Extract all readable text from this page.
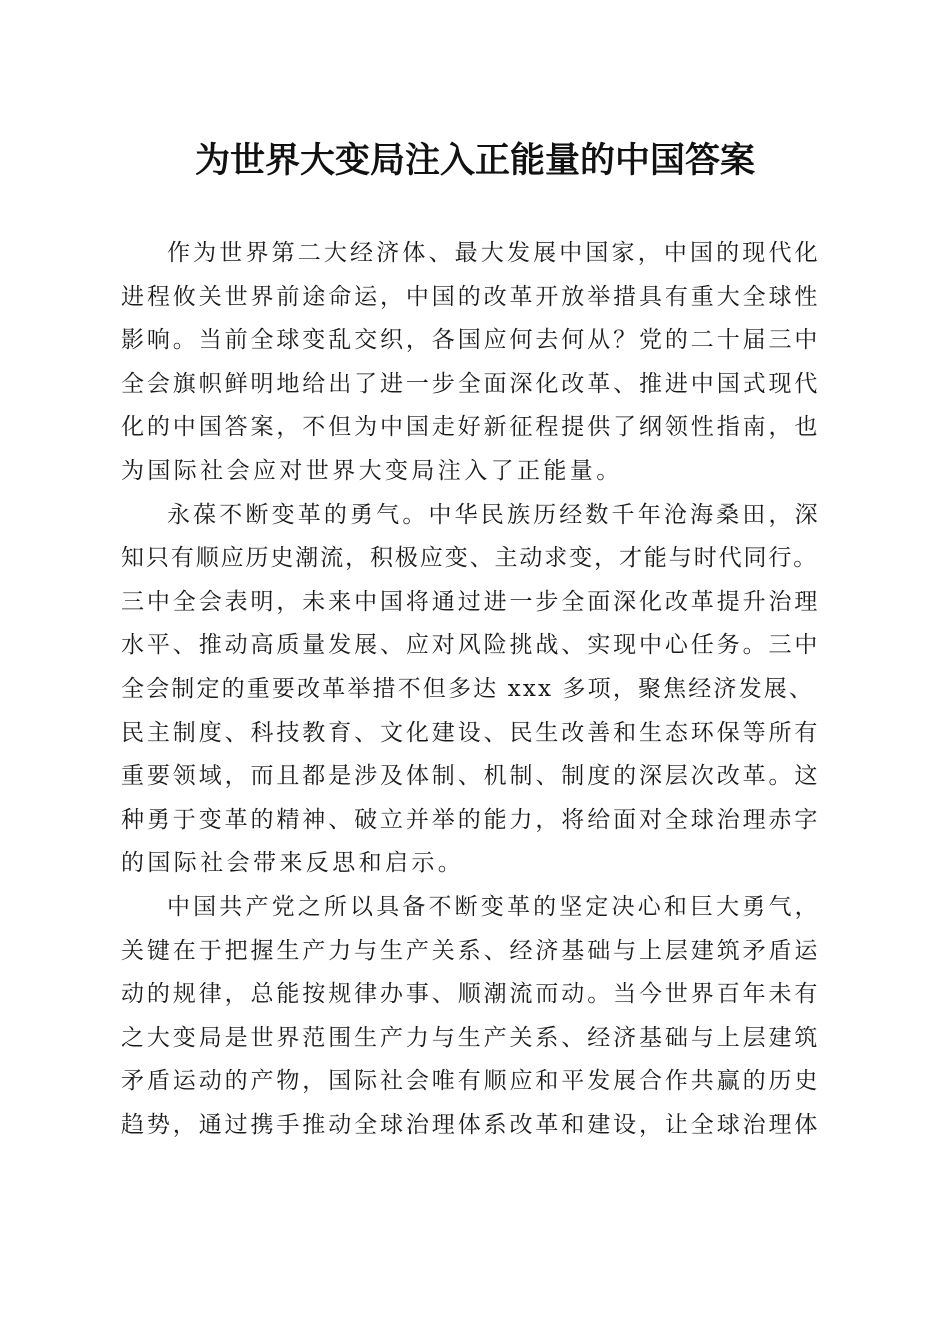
为世界大变局注入正能量的中国答案
作为世界第二大经济体、最大发展中国家，中国的现代化
进程攸关世界前途命运，中国的改革开放举措具有重大全球性
影响。当前全球变乱交织，各国应何去何从？党的二十届三中
全会旗帜鲜明地给出了进一步全面深化改革、推进中国式现代
化的中国答案，不但为中国走好新征程提供了纲领性指南，也
为国际社会应对世界大变局注入了正能量。
永葆不断变革的勇气。中华民族历经数千年沧海桑田，深
知只有顺应历史潮流，积极应变、主动求变，才能与时代同行。
三中全会表明，未来中国将通过进一步全面深化改革提升治理
水平、推动高质量发展、应对风险挑战、实现中心任务。三中
全会制定的重要改革举措不但多达 xxx 多项，聚焦经济发展、
民主制度、科技教育、文化建设、民生改善和生态环保等所有
重要领域，而且都是涉及体制、机制、制度的深层次改革。这
种勇于变革的精神、破立并举的能力，将给面对全球治理赤字
的国际社会带来反思和启示。
中国共产党之所以具备不断变革的坚定决心和巨大勇气，
关键在于把握生产力与生产关系、经济基础与上层建筑矛盾运
动的规律，总能按规律办事、顺潮流而动。当今世界百年未有
之大变局是世界范围生产力与生产关系、经济基础与上层建筑
矛盾运动的产物，国际社会唯有顺应和平发展合作共赢的历史
趋势，通过携手推动全球治理体系改革和建设，让全球治理体
